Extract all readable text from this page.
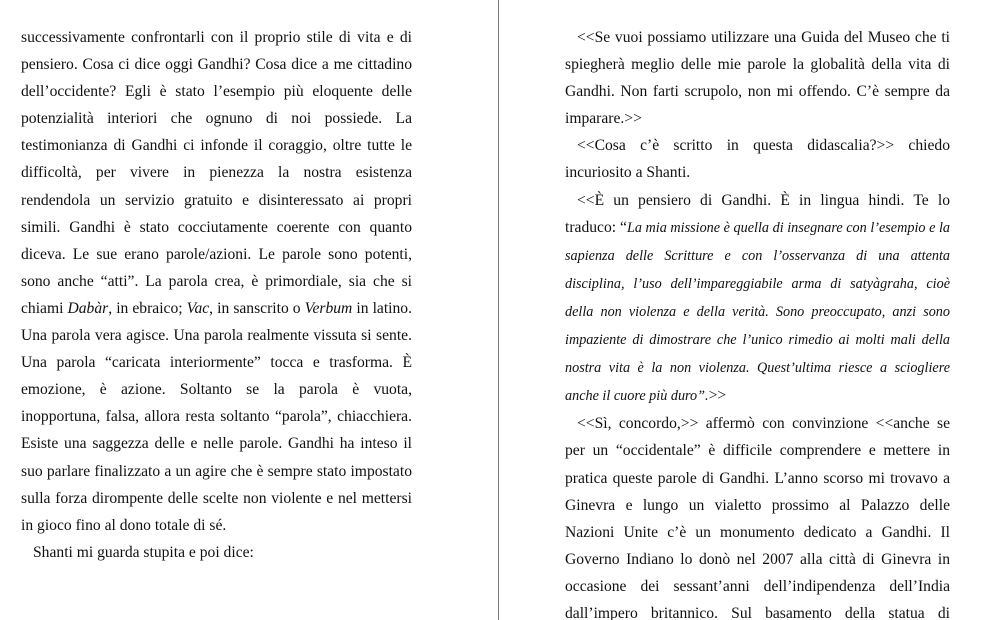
successivamente confrontarli con il proprio stile di vita e di pensiero. Cosa ci dice oggi Gandhi? Cosa dice a me cittadino dell’occidente? Egli è stato l’esempio più eloquente delle potenzialità interiori che ognuno di noi possiede. La testimonianza di Gandhi ci infonde il coraggio, oltre tutte le difficoltà, per vivere in pienezza la nostra esistenza rendendola un servizio gratuito e disinteressato ai propri simili. Gandhi è stato cocciutamente coerente con quanto diceva. Le sue erano parole/azioni. Le parole sono potenti, sono anche “atti”. La parola crea, è primordiale, sia che si chiami Dabàr, in ebraico; Vac, in sanscrito o Verbum in latino. Una parola vera agisce. Una parola realmente vissuta si sente. Una parola “caricata interiormente” tocca e trasforma. È emozione, è azione. Soltanto se la parola è vuota, inopportuna, falsa, allora resta soltanto “parola”, chiacchiera. Esiste una saggezza delle e nelle parole. Gandhi ha inteso il suo parlare finalizzato a un agire che è sempre stato impostato sulla forza dirompente delle scelte non violente e nel mettersi in gioco fino al dono totale di sé.

Shanti mi guarda stupita e poi dice:

<<Se vuoi possiamo utilizzare una Guida del Museo che ti spiegherà meglio delle mie parole la globalità della vita di Gandhi. Non farti scrupolo, non mi offendo. C’è sempre da imparare.>>

<<Cosa c’è scritto in questa didascalia?>> chiedo incuriosito a Shanti.

<<È un pensiero di Gandhi. È in lingua hindi. Te lo traduco: “La mia missione è quella di insegnare con l’esempio e la sapienza delle Scritture e con l’osservanza di una attenta disciplina, l’uso dell’impareggiabile arma di satyàgraha, cioè della non violenza e della verità. Sono preoccupato, anzi sono impaziente di dimostrare che l’unico rimedio ai molti mali della nostra vita è la non violenza. Quest’ultima riesce a sciogliere anche il cuore più duro”.>>

<<Sì, concordo,>> affermò con convinzione <<anche se per un “occidentale” è difficile comprendere e mettere in pratica queste parole di Gandhi. L’anno scorso mi trovavo a Ginevra e lungo un vialetto prossimo al Palazzo delle Nazioni Unite c’è un monumento dedicato a Gandhi. Il Governo Indiano lo donò nel 2007 alla città di Ginevra in occasione dei sessant’anni dell’indipendenza dell’India dall’impero britannico. Sul basamento della statua di
